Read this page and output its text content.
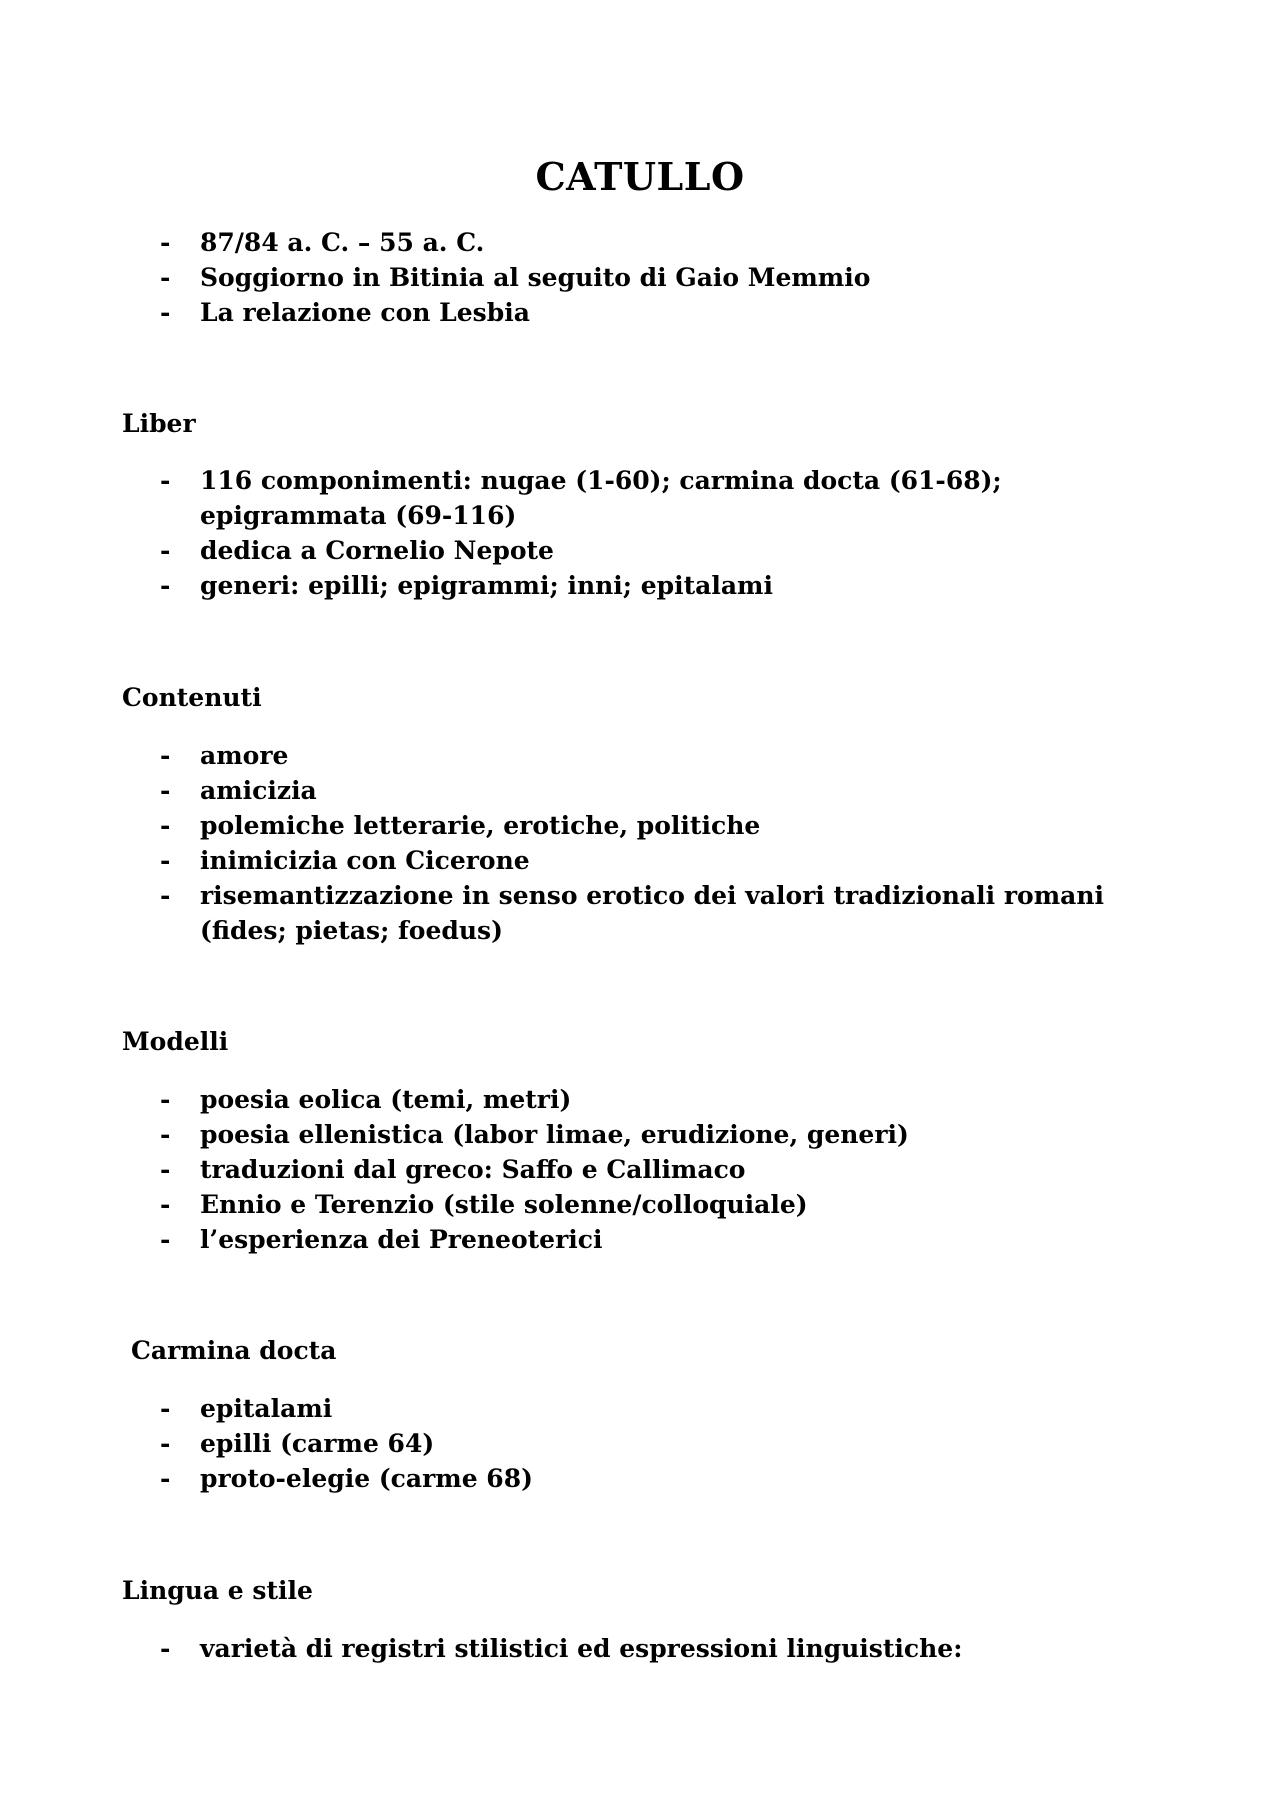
CATULLO
-	87/84 a. C. – 55 a. C.
-	Soggiorno in Bitinia al seguito di Gaio Memmio
-	La relazione con Lesbia
Liber
-	116 componimenti: nugae (1-60); carmina docta (61-68); epigrammata (69-116)
-	dedica a Cornelio Nepote
-	generi: epilli; epigrammi; inni; epitalami
Contenuti
-	amore
-	amicizia
-	polemiche letterarie, erotiche, politiche
-	inimicizia con Cicerone
-	risemantizzazione in senso erotico dei valori tradizionali romani (fides; pietas; foedus)
Modelli
-	poesia eolica (temi, metri)
-	poesia ellenistica (labor limae, erudizione, generi)
-	traduzioni dal greco: Saffo e Callimaco
-	Ennio e Terenzio (stile solenne/colloquiale)
-	l’esperienza dei Preneoterici
Carmina docta
-	epitalami
-	epilli (carme 64)
-	proto-elegie (carme 68)
Lingua e stile
-	varietà di registri stilistici ed espressioni linguistiche:
